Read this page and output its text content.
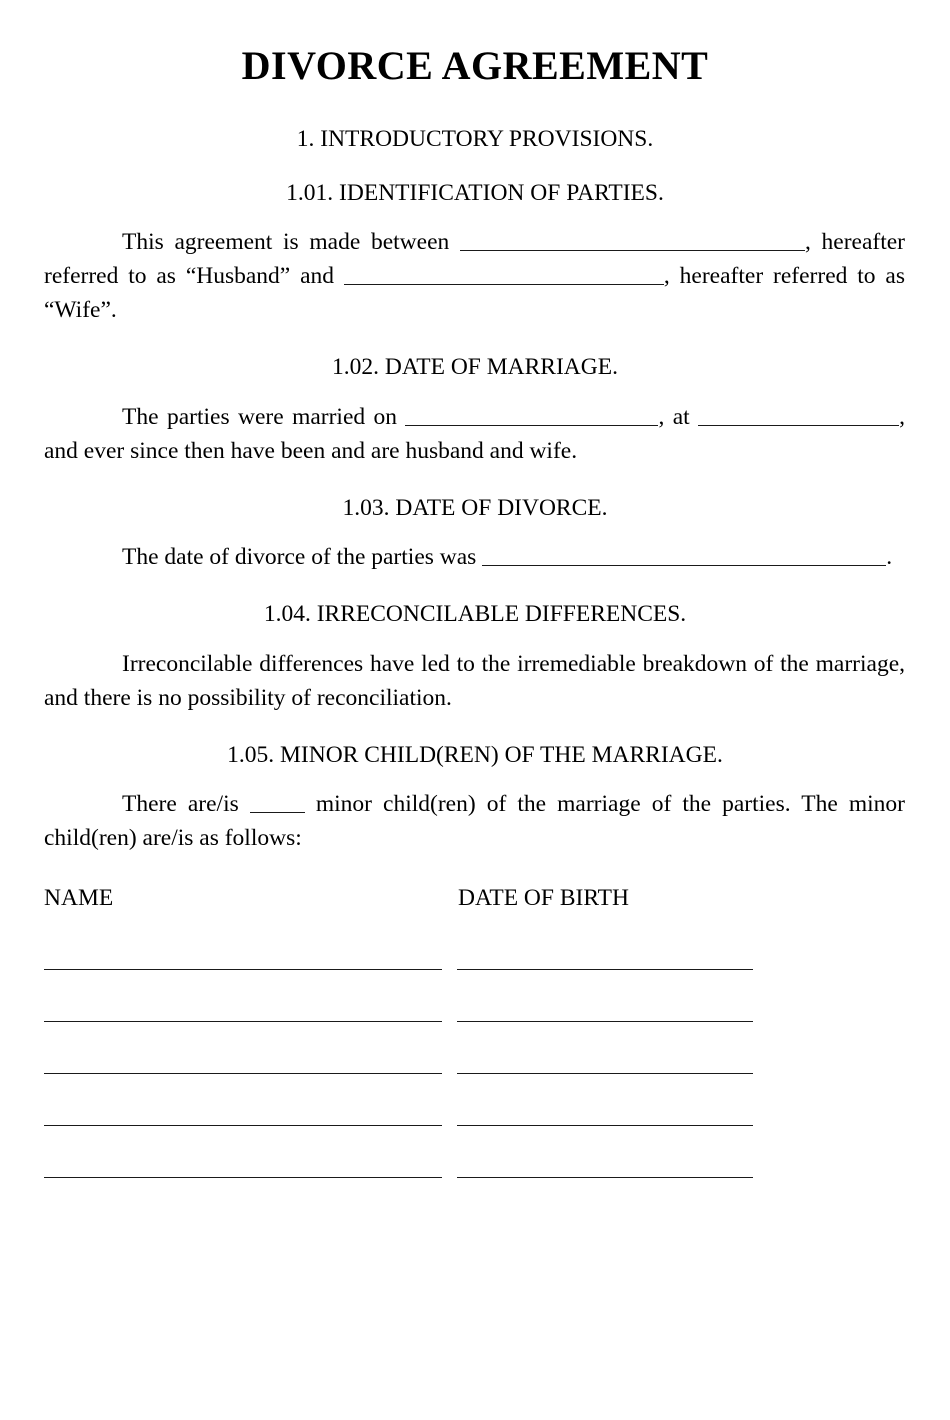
DIVORCE AGREEMENT
1. INTRODUCTORY PROVISIONS.
1.01. IDENTIFICATION OF PARTIES.

This agreement is made between	, hereafter referred to as “Husband” and	, hereafter referred to as “Wife”.

1.02. DATE OF MARRIAGE.

The parties were married on	, at	, and ever since then have been and are husband and wife.

1.03. DATE OF DIVORCE.

The date of divorce of the parties was	.

1.04. IRRECONCILABLE DIFFERENCES.

Irreconcilable differences have led to the irremediable breakdown of the marriage, and there is no possibility of reconciliation.

1.05. MINOR CHILD(REN) OF THE MARRIAGE.

There are/is  minor child(ren) of the marriage of the parties. The minor child(ren) are/is as follows:

NAME	DATE OF BIRTH
